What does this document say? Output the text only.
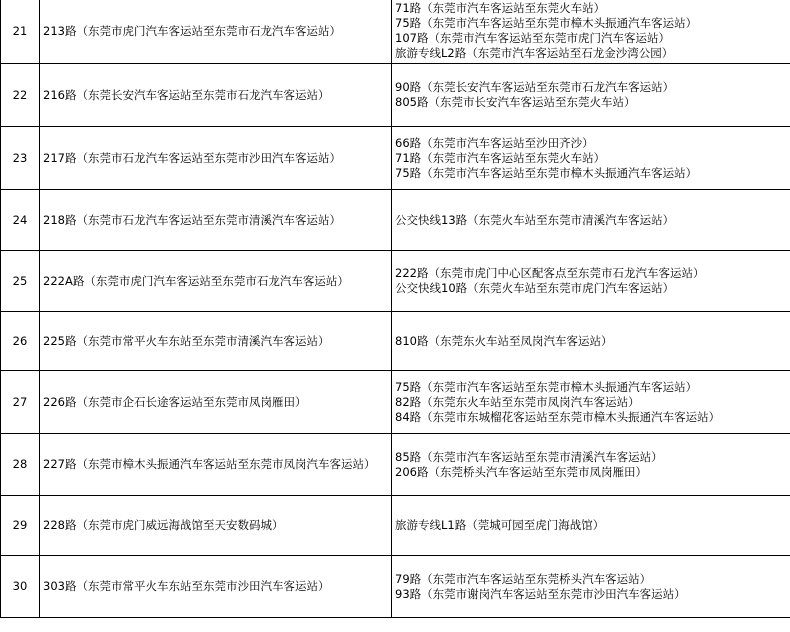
21	213路（东莞市虎门汽车客运站至东莞市石龙汽车客运站）	71路（东莞市汽车客运站至东莞火车站）
75路（东莞市汽车客运站至东莞市樟木头振通汽车客运站）
107路（东莞市汽车客运站至东莞市虎门汽车客运站）
旅游专线L2路（东莞市汽车客运站至石龙金沙湾公园）

22	216路（东莞长安汽车客运站至东莞市石龙汽车客运站）	90路（东莞长安汽车客运站至东莞市石龙汽车客运站）
805路（东莞市长安汽车客运站至东莞火车站）

23	217路（东莞市石龙汽车客运站至东莞市沙田汽车客运站）	66路（东莞市汽车客运站至沙田齐沙）
71路（东莞市汽车客运站至东莞火车站）
75路（东莞市汽车客运站至东莞市樟木头振通汽车客运站）

24	218路（东莞市石龙汽车客运站至东莞市清溪汽车客运站）	公交快线13路（东莞火车站至东莞市清溪汽车客运站）

25	222A路（东莞市虎门汽车客运站至东莞市石龙汽车客运站）	222路（东莞市虎门中心区配客点至东莞市石龙汽车客运站）
公交快线10路（东莞火车站至东莞市虎门汽车客运站）

26	225路（东莞市常平火车东站至东莞市清溪汽车客运站）	810路（东莞东火车站至凤岗汽车客运站）

27	226路（东莞市企石长途客运站至东莞市凤岗雁田）	75路（东莞市汽车客运站至东莞市樟木头振通汽车客运站）
82路（东莞东火车站至东莞市凤岗汽车客运站）
84路（东莞市东城榴花客运站至东莞市樟木头振通汽车客运站）

28	227路（东莞市樟木头振通汽车客运站至东莞市凤岗汽车客运站）	85路（东莞市汽车客运站至东莞市清溪汽车客运站）
206路（东莞桥头汽车客运站至东莞市凤岗雁田）

29	228路（东莞市虎门威远海战馆至天安数码城）	旅游专线L1路（莞城可园至虎门海战馆）

30	303路（东莞市常平火车东站至东莞市沙田汽车客运站）	79路（东莞市汽车客运站至东莞桥头汽车客运站）
93路（东莞市谢岗汽车客运站至东莞市沙田汽车客运站）
